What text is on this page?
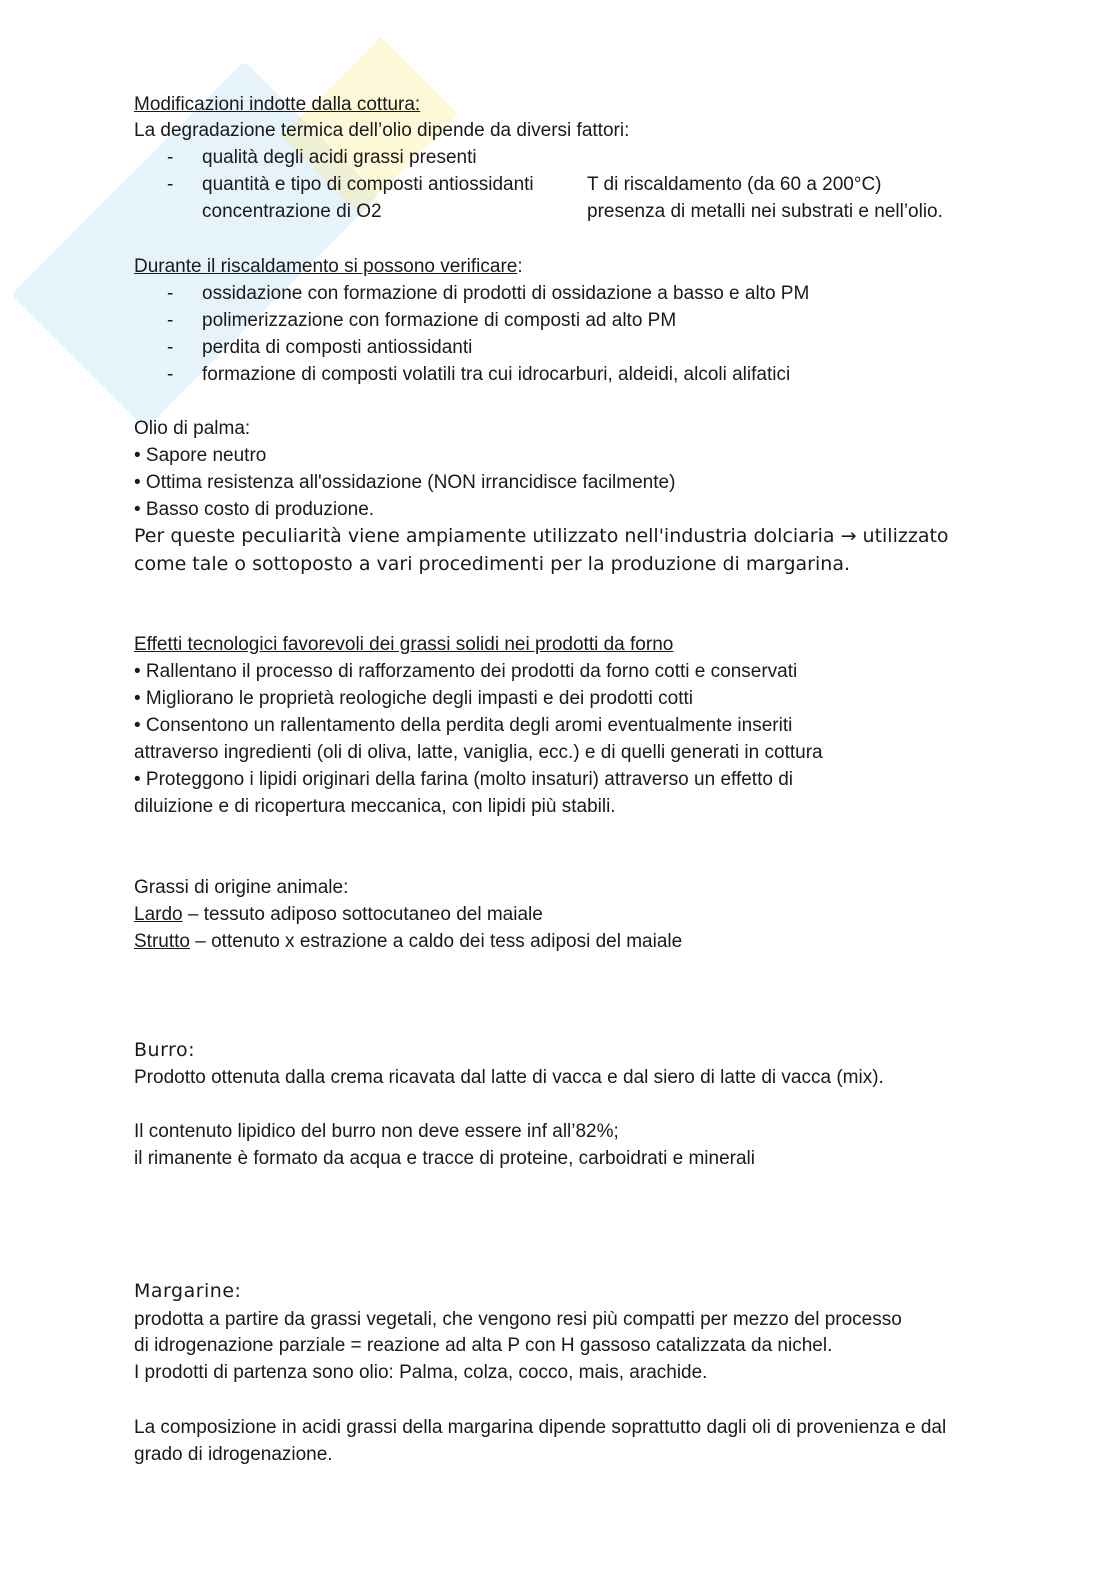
Modificazioni indotte dalla cottura:
La degradazione termica dell’olio dipende da diversi fattori:
- qualità degli acidi grassi presenti
- quantità e tipo di composti antiossidanti	T di riscaldamento (da 60 a 200°C)
concentrazione di O2	presenza di metalli nei substrati e nell’olio.
Durante il riscaldamento si possono verificare:
- ossidazione con formazione di prodotti di ossidazione a basso e alto PM
- polimerizzazione con formazione di composti ad alto PM
- perdita di composti antiossidanti
- formazione di composti volatili tra cui idrocarburi, aldeidi, alcoli alifatici
Olio di palma:
• Sapore neutro
• Ottima resistenza all'ossidazione (NON irrancidisce facilmente)
• Basso costo di produzione.
Per queste peculiarità viene ampiamente utilizzato nell'industria dolciaria → utilizzato
come tale o sottoposto a vari procedimenti per la produzione di margarina.
Effetti tecnologici favorevoli dei grassi solidi nei prodotti da forno
• Rallentano il processo di rafforzamento dei prodotti da forno cotti e conservati
• Migliorano le proprietà reologiche degli impasti e dei prodotti cotti
• Consentono un rallentamento della perdita degli aromi eventualmente inseriti
attraverso ingredienti (oli di oliva, latte, vaniglia, ecc.) e di quelli generati in cottura
• Proteggono i lipidi originari della farina (molto insaturi) attraverso un effetto di
diluizione e di ricopertura meccanica, con lipidi più stabili.
Grassi di origine animale:
Lardo – tessuto adiposo sottocutaneo del maiale
Strutto – ottenuto x estrazione a caldo dei tess adiposi del maiale
Burro:
Prodotto ottenuta dalla crema ricavata dal latte di vacca e dal siero di latte di vacca (mix).
Il contenuto lipidico del burro non deve essere inf all’82%;
il rimanente è formato da acqua e tracce di proteine, carboidrati e minerali
Margarine:
prodotta a partire da grassi vegetali, che vengono resi più compatti per mezzo del processo
di idrogenazione parziale = reazione ad alta P con H gassoso catalizzata da nichel.
I prodotti di partenza sono olio: Palma, colza, cocco, mais, arachide.
La composizione in acidi grassi della margarina dipende soprattutto dagli oli di provenienza e dal
grado di idrogenazione.
